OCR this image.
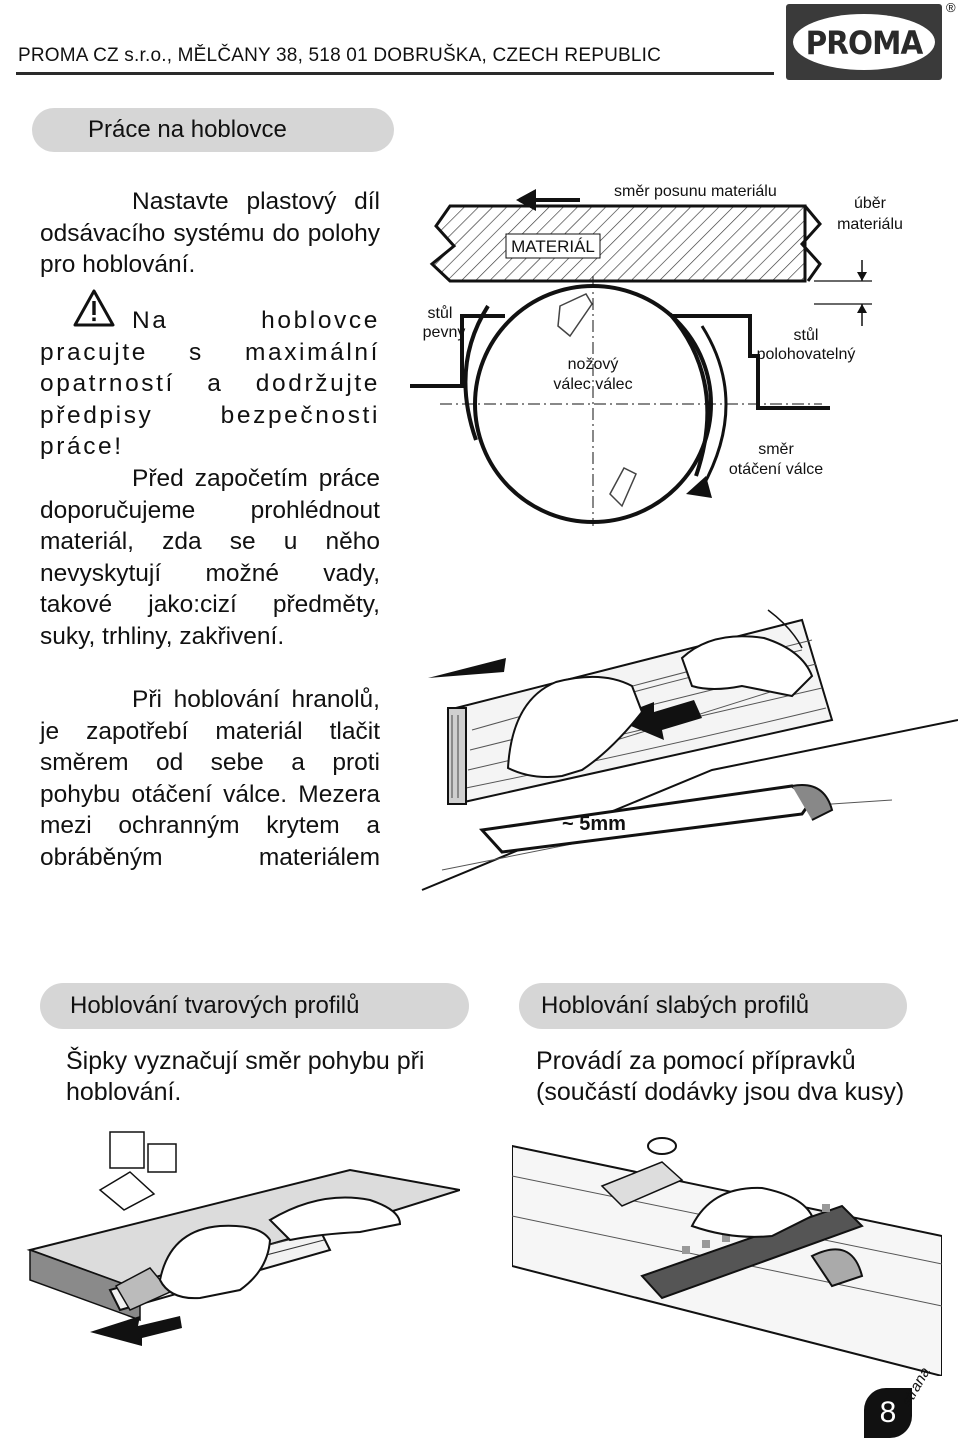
PROMA CZ s.r.o., MĚLČANY 38, 518 01 DOBRUŠKA, CZECH REPUBLIC	PROMA
®
Práce na hoblovce

Nastavte plastový díl odsávacího systému do polohy pro hoblování.

Na hoblovce pracujte s maximální opatrností a dodržujte předpisy bezpečnosti práce!

Před započetím práce doporučujeme prohlédnout materiál, zda se u něho nevyskytují možné vady, takové jako:cizí předměty, suky, trhliny, zakřivení.

Při hoblování hranolů, je zapotřebí materiál tlačit směrem od sebe a proti pohybu otáčení válce. Mezera mezi ochranným krytem a obráběným materiálem

MATERIÁL
směr posunu materiálu
úběr
materiálu
stůl
pevný	stůl
polohovatelný
nožový
válec válec
směr
otáčení válce
~ 5mm
Hoblování tvarových profilů
Šipky vyznačují směr pohybu při hoblování.
Hoblování slabých profilů
Provádí za pomocí přípravků (součástí dodávky jsou dva kusy)
8
strana
